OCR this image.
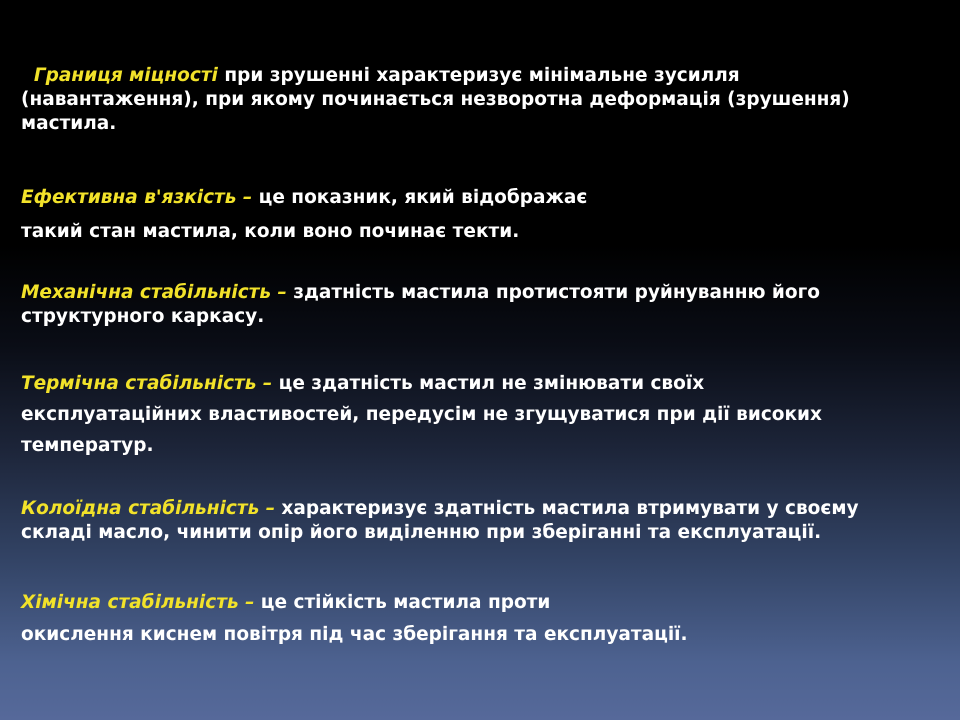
Границя міцності при зрушенні характеризує мінімальне зусилля
(навантаження), при якому починається незворотна деформація (зрушення)
мастила.
Ефективна в'язкість – це показник, який відображає
такий стан мастила, коли воно починає текти.
Механічна стабільність – здатність мастила протистояти руйнуванню його
структурного каркасу.
Термічна стабільність – це здатність мастил не змінювати своїх
експлуатаційних властивостей, передусім не згущуватися при дії високих
температур.
Колоїдна стабільність – характеризує здатність мастила втримувати у своєму
складі масло, чинити опір його виділенню при зберіганні та експлуатації.
Хімічна стабільність – це стійкість мастила проти
окислення киснем повітря під час зберігання та експлуатації.
